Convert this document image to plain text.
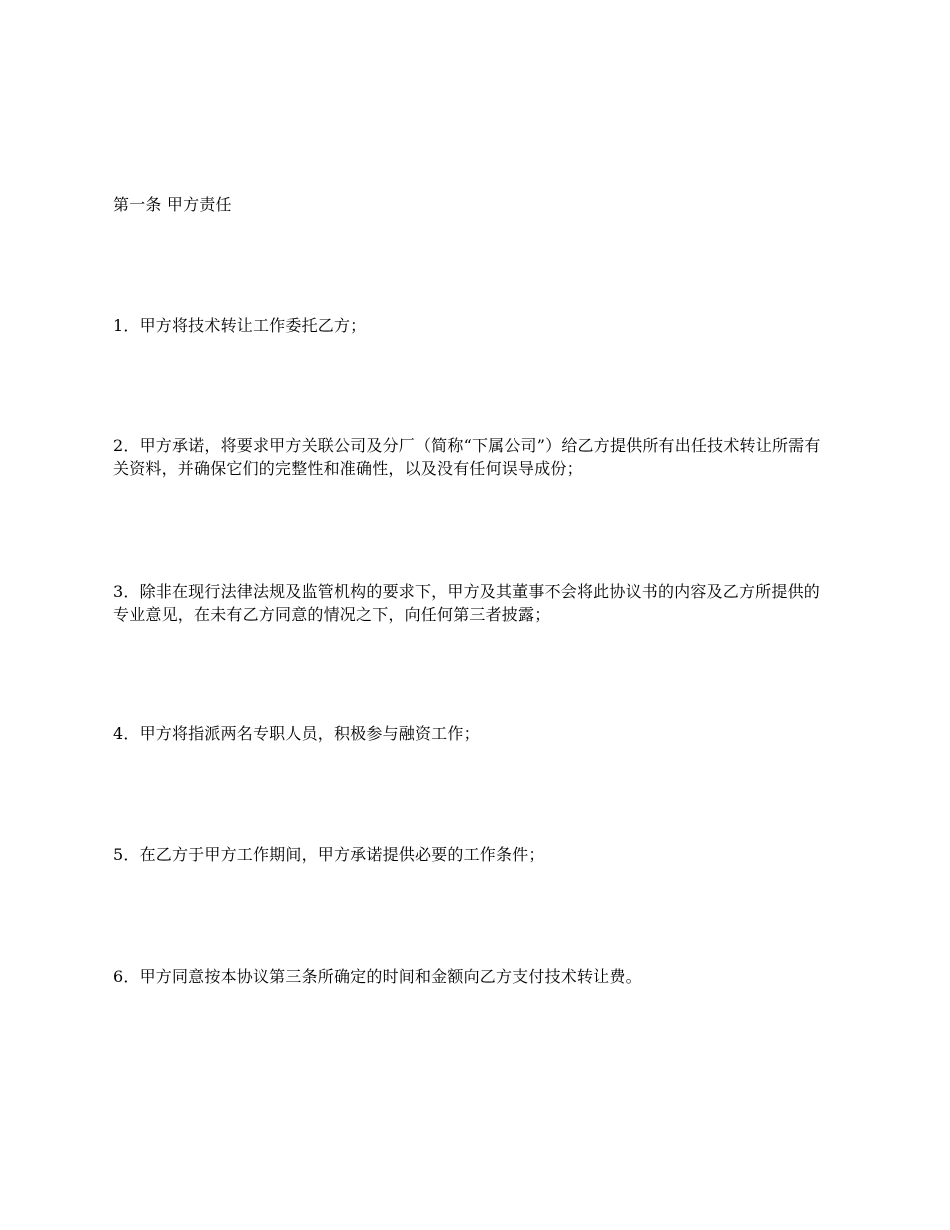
第一条 甲方责任

1．甲方将技术转让工作委托乙方；

2．甲方承诺，将要求甲方关联公司及分厂（简称“下属公司”）给乙方提供所有出任技术转让所需有关资料，并确保它们的完整性和准确性，以及没有任何误导成份；

3．除非在现行法律法规及监管机构的要求下，甲方及其董事不会将此协议书的内容及乙方所提供的专业意见，在未有乙方同意的情况之下，向任何第三者披露；

4．甲方将指派两名专职人员，积极参与融资工作；

5．在乙方于甲方工作期间，甲方承诺提供必要的工作条件；

6．甲方同意按本协议第三条所确定的时间和金额向乙方支付技术转让费。
